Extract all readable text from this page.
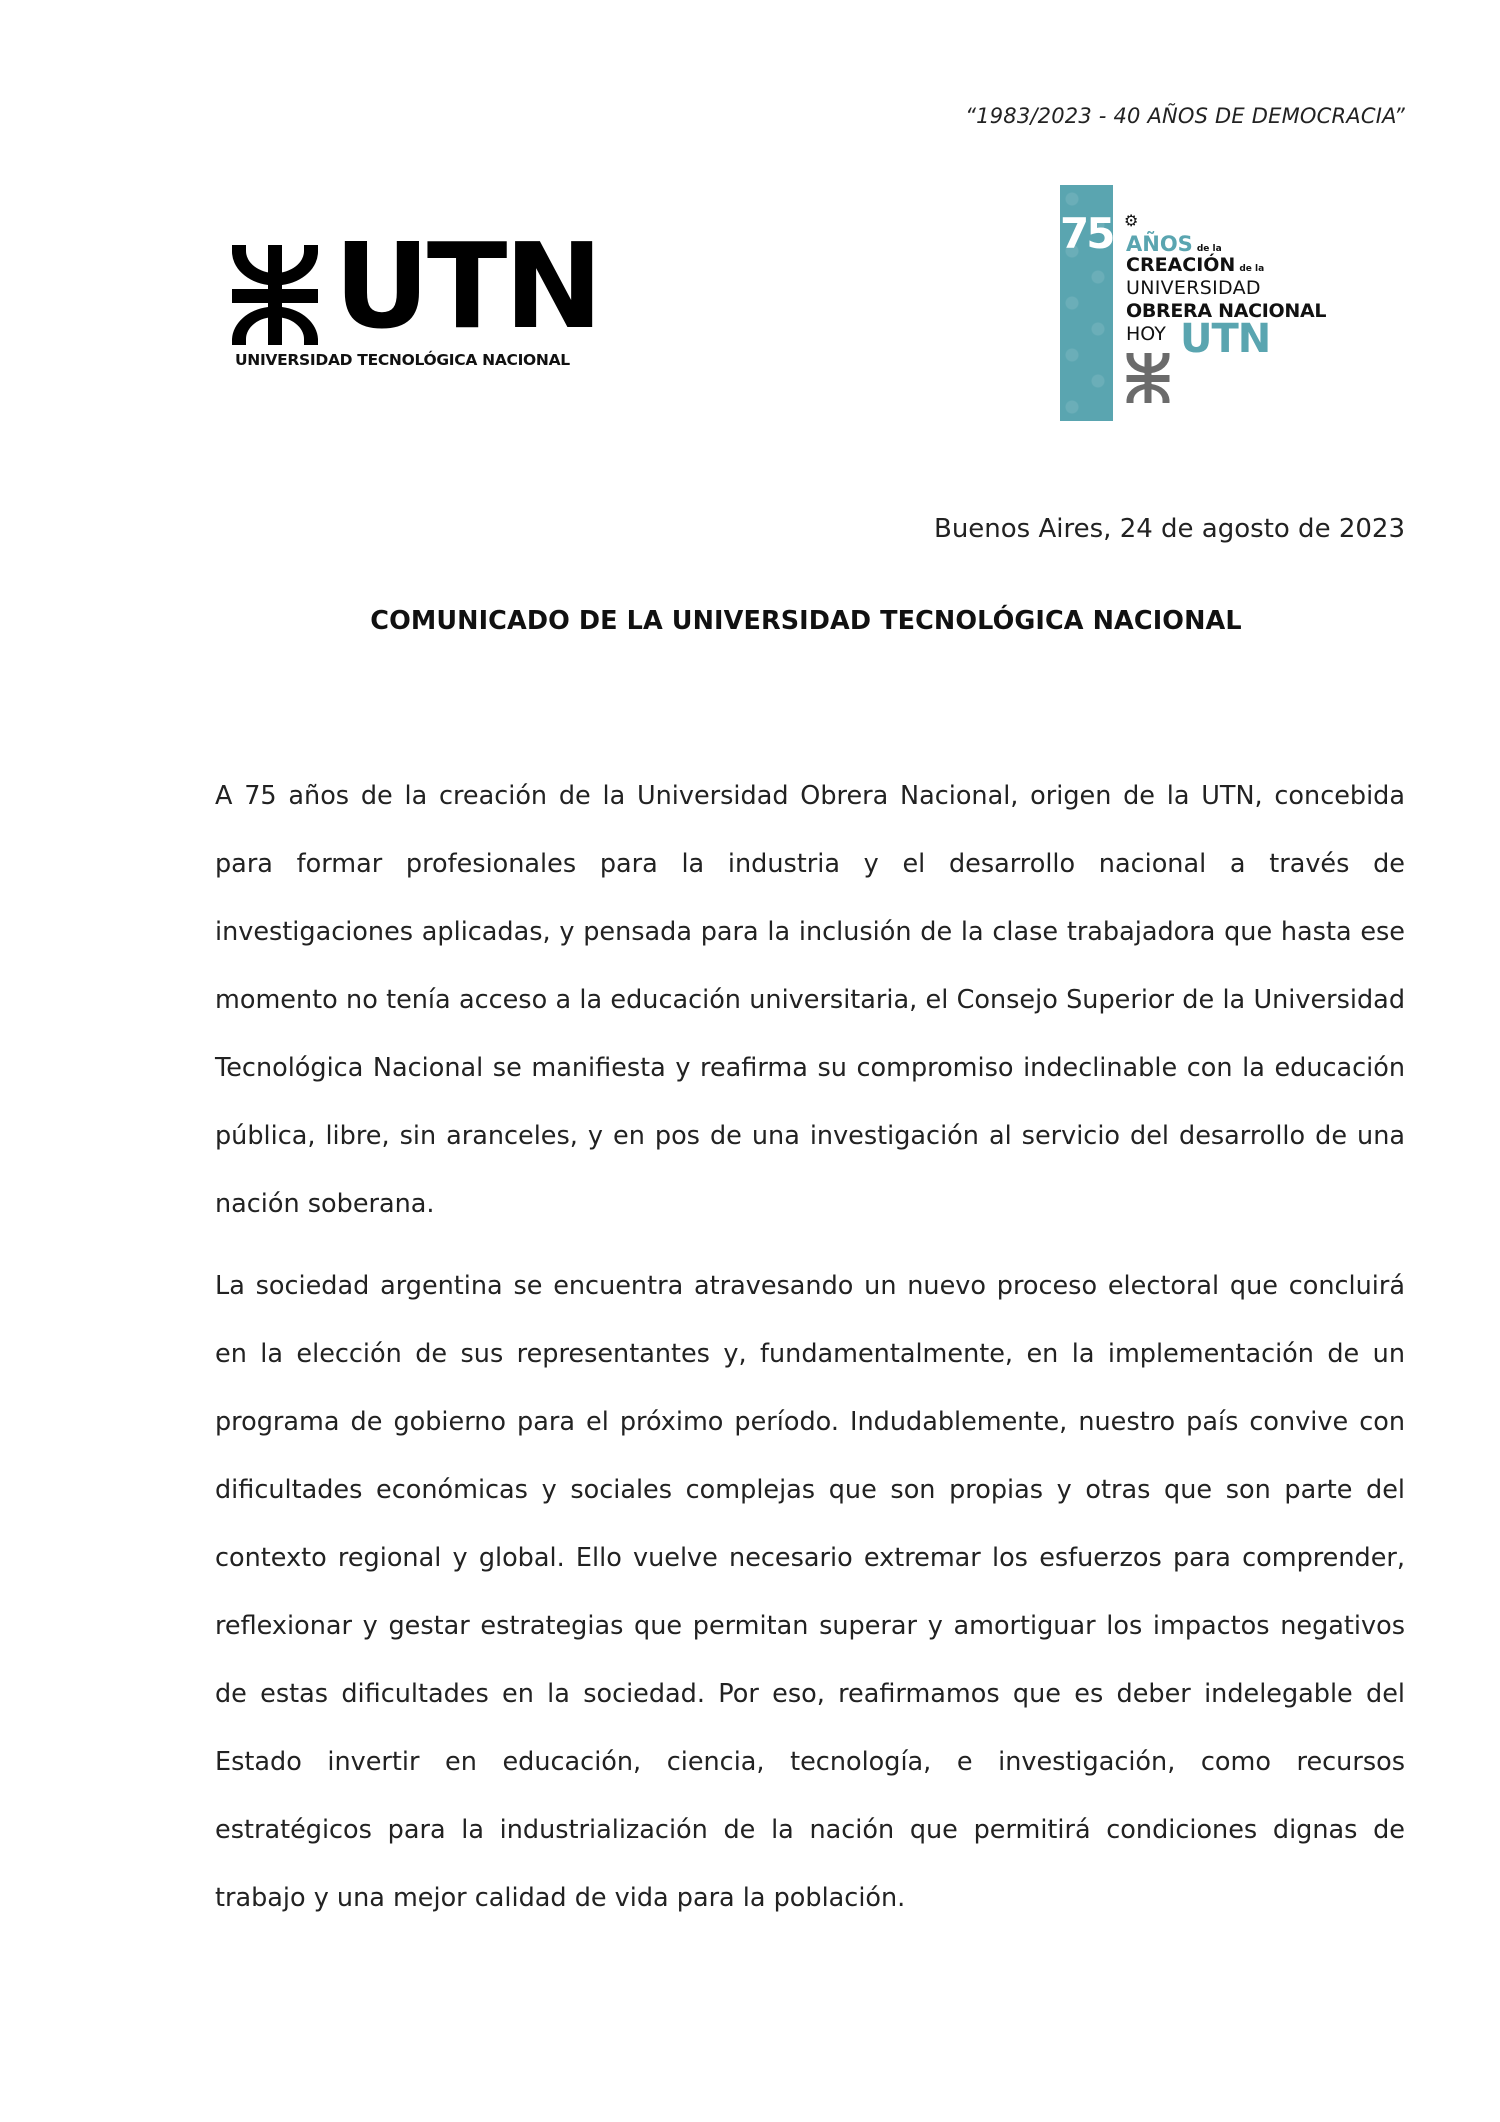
“1983/2023 - 40 AÑOS DE DEMOCRACIA”
UTN
UNIVERSIDAD TECNOLÓGICA NACIONAL
75 ⚙
AÑOS de la
CREACIÓN de la
UNIVERSIDAD
OBRERA NACIONAL
HOY UTN
Buenos Aires, 24 de agosto de 2023
COMUNICADO DE LA UNIVERSIDAD TECNOLÓGICA NACIONAL

A 75 años de la creación de la Universidad Obrera Nacional, origen de la UTN, concebida para formar profesionales para la industria y el desarrollo nacional a través de investigaciones aplicadas, y pensada para la inclusión de la clase trabajadora que hasta ese momento no tenía acceso a la educación universitaria, el Consejo Superior de la Universidad Tecnológica Nacional se manifiesta y reafirma su compromiso indeclinable con la educación pública, libre, sin aranceles, y en pos de una investigación al servicio del desarrollo de una nación soberana.

La sociedad argentina se encuentra atravesando un nuevo proceso electoral que concluirá en la elección de sus representantes y, fundamentalmente, en la implementación de un programa de gobierno para el próximo período. Indudablemente, nuestro país convive con dificultades económicas y sociales complejas que son propias y otras que son parte del contexto regional y global. Ello vuelve necesario extremar los esfuerzos para comprender, reflexionar y gestar estrategias que permitan superar y amortiguar los impactos negativos de estas dificultades en la sociedad. Por eso, reafirmamos que es deber indelegable del Estado invertir en educación, ciencia, tecnología, e investigación, como recursos estratégicos para la industrialización de la nación que permitirá condiciones dignas de trabajo y una mejor calidad de vida para la población.
